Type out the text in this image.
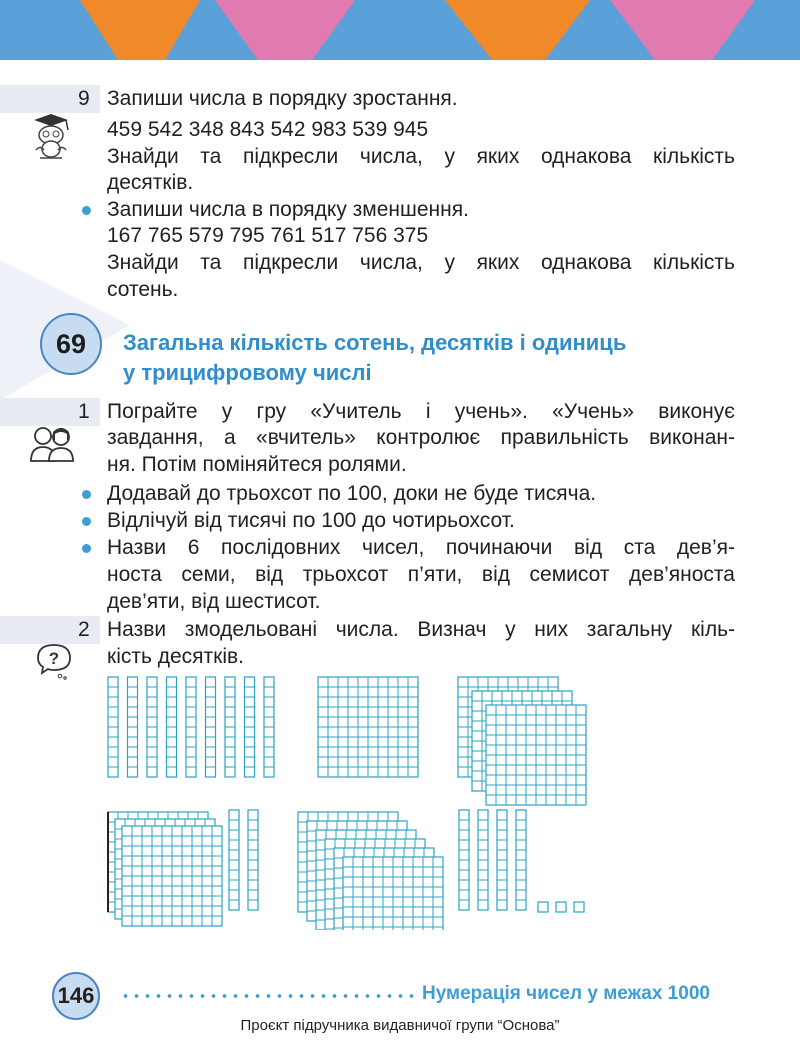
9 Запиши числа в порядку зростання.

459 542 348 843 542 983 539 945

Знайди та підкресли числа, у яких однакова кількість

десятків.

Запиши числа в порядку зменшення.

167 765 579 795 761 517 756 375

Знайди та підкресли числа, у яких однакова кількість

сотень.

69	Загальна кількість сотень, десятків і одиниць
у трицифровому числі

1 Пограйте у гру «Учитель і учень». «Учень» виконує

завдання, а «вчитель» контролює правильність виконан-

ня. Потім поміняйтеся ролями.

Додавай до трьохсот по 100, доки не буде тисяча.

Відлічуй від тисячі по 100 до чотирьохсот.

Назви 6 послідовних чисел, починаючи від ста дев’я-

носта семи, від трьохсот п’яти, від семисот дев’яноста

дев’яти, від шестисот.

2
?

Назви змодельовані числа. Визнач у них загальну кіль-

кість десятків.

146	Нумерація чисел у межах 1000
Проєкт підручника видавничої групи “Основа”
